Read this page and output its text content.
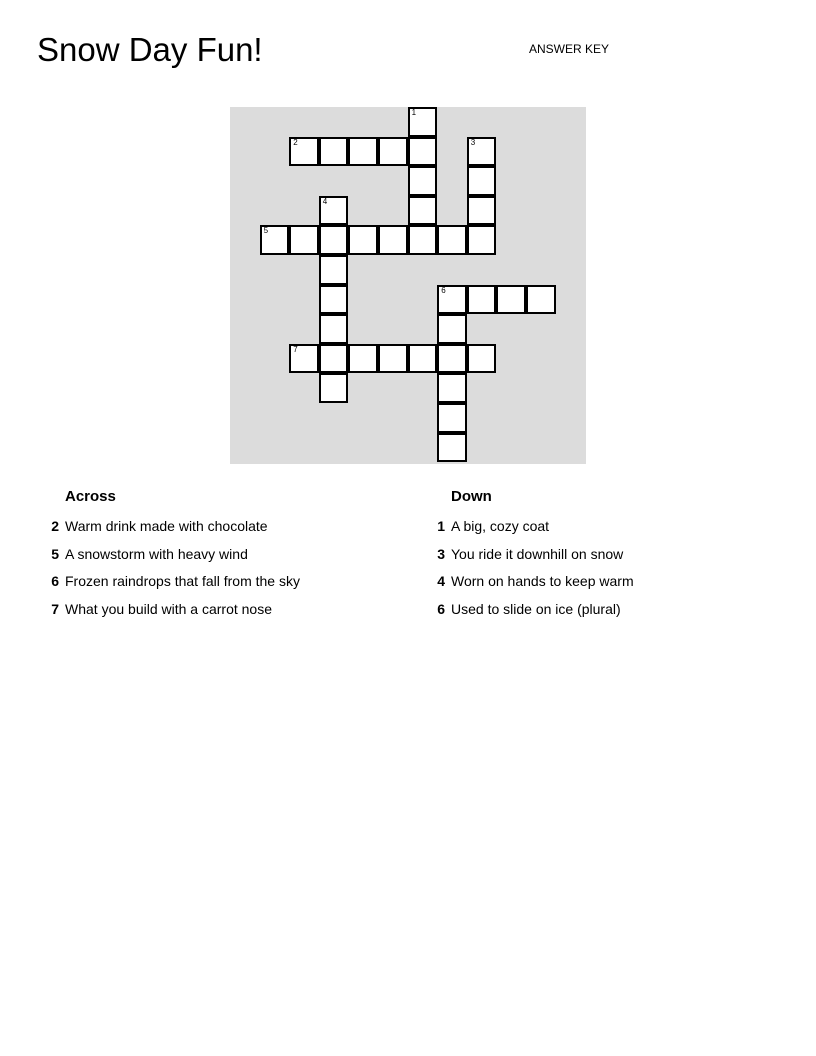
Snow Day Fun!	ANSWER KEY
1
2	3
4
5
6
7
Across
2 Warm drink made with chocolate
5 A snowstorm with heavy wind
6 Frozen raindrops that fall from the sky
7 What you build with a carrot nose
Down
1 A big, cozy coat
3 You ride it downhill on snow
4 Worn on hands to keep warm
6 Used to slide on ice (plural)
